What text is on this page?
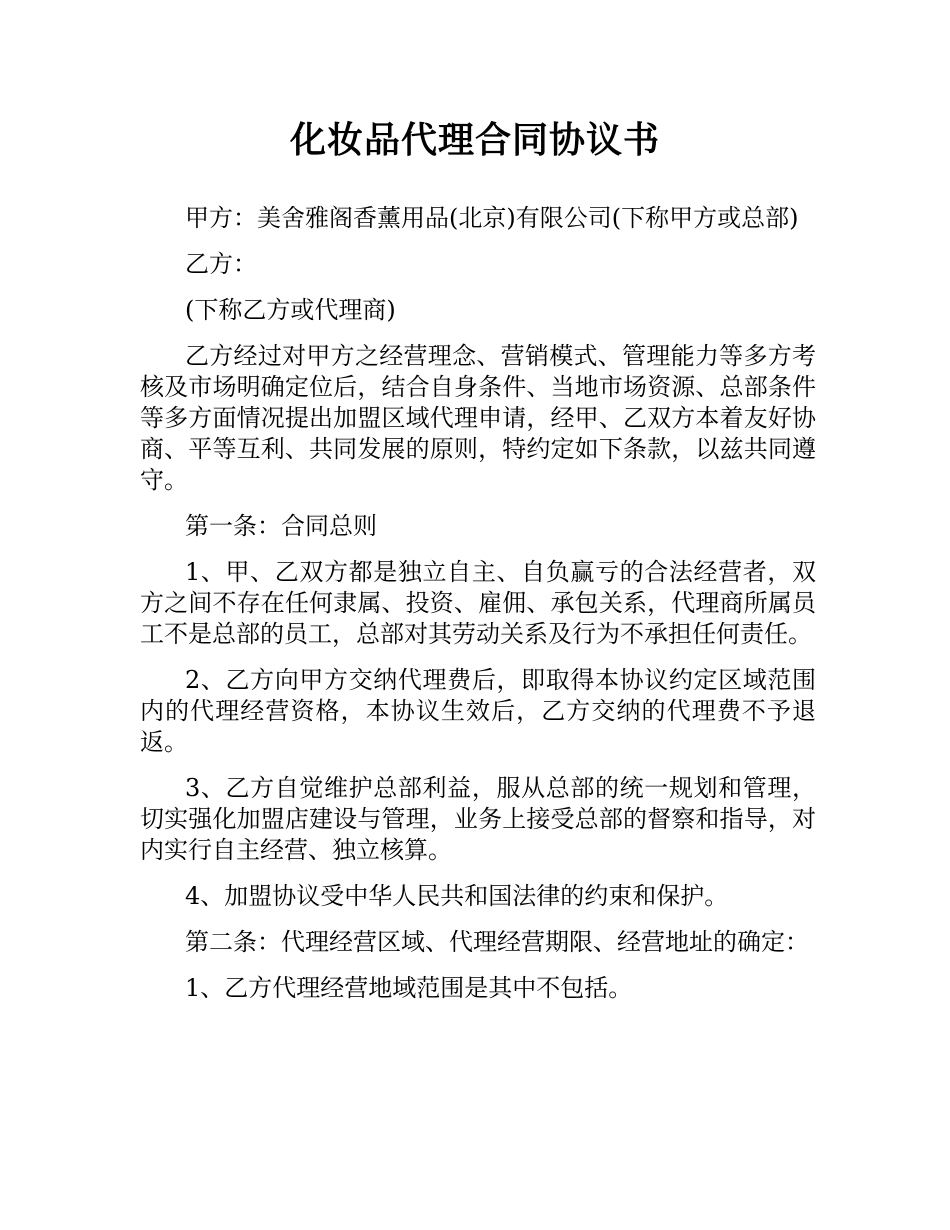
化妆品代理合同协议书

甲方：美舍雅阁香薰用品(北京)有限公司(下称甲方或总部)

乙方：

(下称乙方或代理商)

乙方经过对甲方之经营理念、营销模式、管理能力等多方考核及市场明确定位后，结合自身条件、当地市场资源、总部条件等多方面情况提出加盟区域代理申请，经甲、乙双方本着友好协商、平等互利、共同发展的原则，特约定如下条款，以兹共同遵守。

第一条：合同总则

1、甲、乙双方都是独立自主、自负赢亏的合法经营者，双方之间不存在任何隶属、投资、雇佣、承包关系，代理商所属员工不是总部的员工，总部对其劳动关系及行为不承担任何责任。

2、乙方向甲方交纳代理费后，即取得本协议约定区域范围内的代理经营资格，本协议生效后，乙方交纳的代理费不予退返。

3、乙方自觉维护总部利益，服从总部的统一规划和管理，切实强化加盟店建设与管理，业务上接受总部的督察和指导，对内实行自主经营、独立核算。

4、加盟协议受中华人民共和国法律的约束和保护。

第二条：代理经营区域、代理经营期限、经营地址的确定：

1、乙方代理经营地域范围是其中不包括。
